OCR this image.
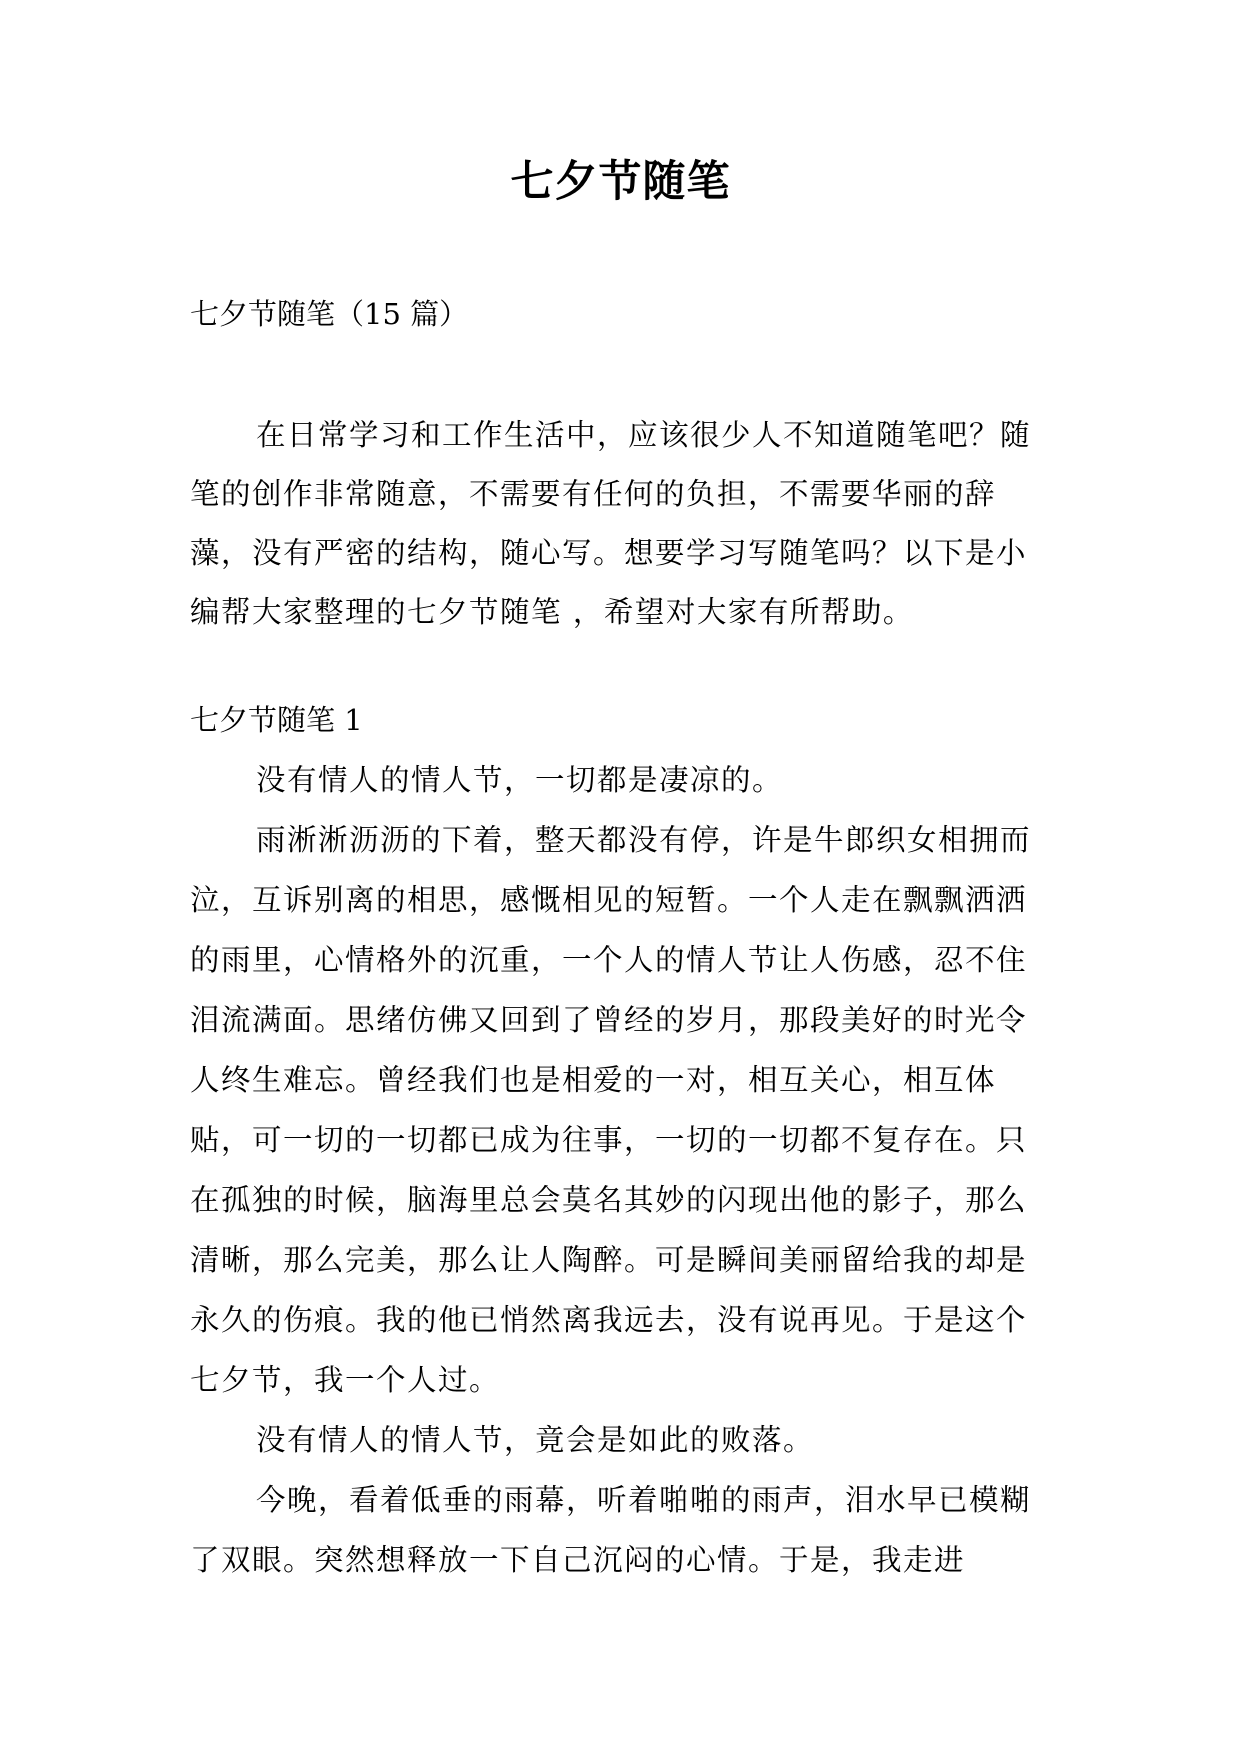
七夕节随笔

七夕节随笔（15 篇）

在日常学习和工作生活中，应该很少人不知道随笔吧？随笔的创作非常随意，不需要有任何的负担，不需要华丽的辞藻，没有严密的结构，随心写。想要学习写随笔吗？以下是小编帮大家整理的七夕节随笔 ，希望对大家有所帮助。

七夕节随笔 1

没有情人的情人节，一切都是凄凉的。

雨淅淅沥沥的下着，整天都没有停，许是牛郎织女相拥而泣，互诉别离的相思，感慨相见的短暂。一个人走在飘飘洒洒的雨里，心情格外的沉重，一个人的情人节让人伤感，忍不住泪流满面。思绪仿佛又回到了曾经的岁月，那段美好的时光令人终生难忘。曾经我们也是相爱的一对，相互关心，相互体贴，可一切的一切都已成为往事，一切的一切都不复存在。只在孤独的时候，脑海里总会莫名其妙的闪现出他的影子，那么清晰，那么完美，那么让人陶醉。可是瞬间美丽留给我的却是永久的伤痕。我的他已悄然离我远去，没有说再见。于是这个七夕节，我一个人过。

没有情人的情人节，竟会是如此的败落。

今晚，看着低垂的雨幕，听着啪啪的雨声，泪水早已模糊了双眼。突然想释放一下自己沉闷的心情。于是，我走进
